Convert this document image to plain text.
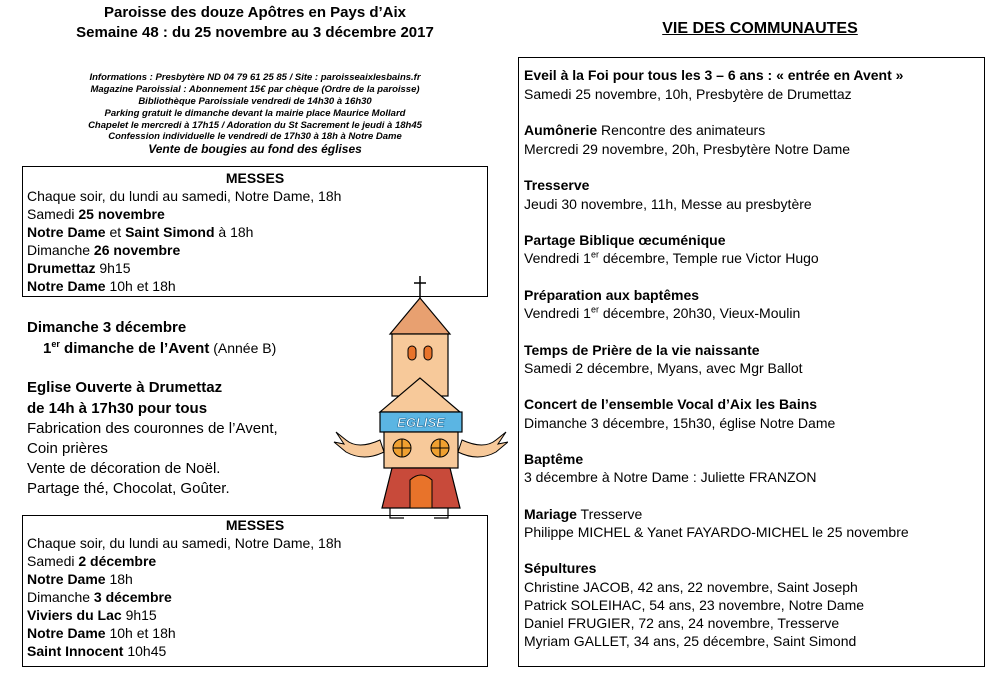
Paroisse des douze Apôtres en Pays d’Aix
Semaine 48 : du 25 novembre au 3 décembre 2017
Informations : Presbytère ND 04 79 61 25 85 / Site : paroisseaixlesbains.fr
Magazine Paroissial : Abonnement 15€ par chèque (Ordre de la paroisse)
Bibliothèque Paroissiale vendredi de 14h30 à 16h30
Parking gratuit le dimanche devant la mairie place Maurice Mollard
Chapelet le mercredi à 17h15 / Adoration du St Sacrement le jeudi à 18h45
Confession individuelle le vendredi de 17h30 à 18h à Notre Dame
Vente de bougies au fond des églises
MESSES
Chaque soir, du lundi au samedi, Notre Dame, 18h
Samedi 25 novembre
Notre Dame et Saint Simond à 18h
Dimanche 26 novembre
Drumettaz 9h15
Notre Dame 10h et 18h
Dimanche 3 décembre
1er dimanche de l’Avent (Année B)
Eglise Ouverte à Drumettaz
de 14h à 17h30 pour tous
Fabrication des couronnes de l’Avent,
Coin prières
Vente de décoration de Noël.
Partage thé, Chocolat, Goûter.
EGLISE
MESSES
Chaque soir, du lundi au samedi, Notre Dame, 18h
Samedi 2 décembre
Notre Dame 18h
Dimanche 3 décembre
Viviers du Lac 9h15
Notre Dame 10h et 18h
Saint Innocent 10h45
VIE DES COMMUNAUTES
Eveil à la Foi pour tous les 3 – 6 ans : « entrée en Avent »
Samedi 25 novembre, 10h, Presbytère de Drumettaz
Aumônerie Rencontre des animateurs
Mercredi 29 novembre, 20h, Presbytère Notre Dame
Tresserve
Jeudi 30 novembre, 11h, Messe au presbytère
Partage Biblique œcuménique
Vendredi 1er décembre, Temple rue Victor Hugo
Préparation aux baptêmes
Vendredi 1er décembre, 20h30, Vieux-Moulin
Temps de Prière de la vie naissante
Samedi 2 décembre, Myans, avec Mgr Ballot
Concert de l’ensemble Vocal d’Aix les Bains
Dimanche 3 décembre, 15h30, église Notre Dame
Baptême
3 décembre à Notre Dame : Juliette FRANZON
Mariage Tresserve
Philippe MICHEL & Yanet FAYARDO-MICHEL le 25 novembre
Sépultures
Christine JACOB, 42 ans, 22 novembre, Saint Joseph
Patrick SOLEIHAC, 54 ans, 23 novembre, Notre Dame
Daniel FRUGIER, 72 ans, 24 novembre, Tresserve
Myriam GALLET, 34 ans, 25 décembre, Saint Simond
